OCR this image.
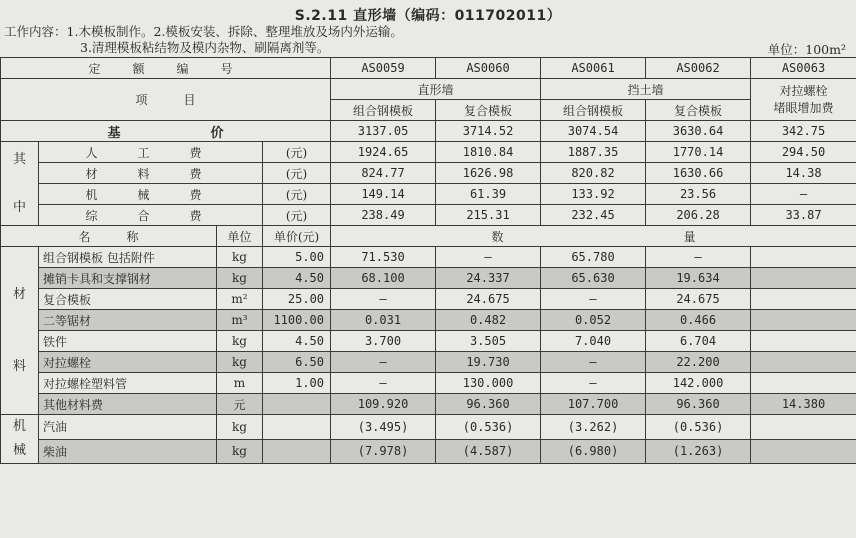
S.2.11 直形墙（编码：011702011）
工作内容：1.木模板制作。2.模板安装、拆除、整理堆放及场内外运输。
3.清理模板粘结物及模内杂物、刷隔离剂等。	单位：100m²
定　额　编　号				AS0059	AS0060	AS0061	AS0062	AS0063
项　　　目				直形墙		挡土墙		对拉螺栓
堵眼增加费
				组合钢模板	复合模板	组合钢模板	复合模板	
基 价				3137.05	3714.52	3074.54	3630.64	342.75
其

中	人　工　费		(元)	1924.65	1810.84	1887.35	1770.14	294.50
	材　料　费		(元)	824.77	1626.98	820.82	1630.66	14.38
	机　械　费		(元)	149.14	61.39	133.92	23.56	–
	综　合　费		(元)	238.49	215.31	232.45	206.28	33.87
名　　　称		单位	单价(元)	数 量				
材

料	组合钢模板 包括附件	kg	5.00	71.530	–	65.780	–	
	摊销卡具和支撑钢材	kg	4.50	68.100	24.337	65.630	19.634	
	复合模板	m²	25.00	–	24.675	–	24.675	
	二等锯材	m³	1100.00	0.031	0.482	0.052	0.466	
	铁件	kg	4.50	3.700	3.505	7.040	6.704	
	对拉螺栓	kg	6.50	–	19.730	–	22.200	
	对拉螺栓塑料管	m	1.00	–	130.000	–	142.000	
	其他材料费	元		109.920	96.360	107.700	96.360	14.380
机
械	汽油	kg		(3.495)	(0.536)	(3.262)	(0.536)	
	柴油	kg		(7.978)	(4.587)	(6.980)	(1.263)	
